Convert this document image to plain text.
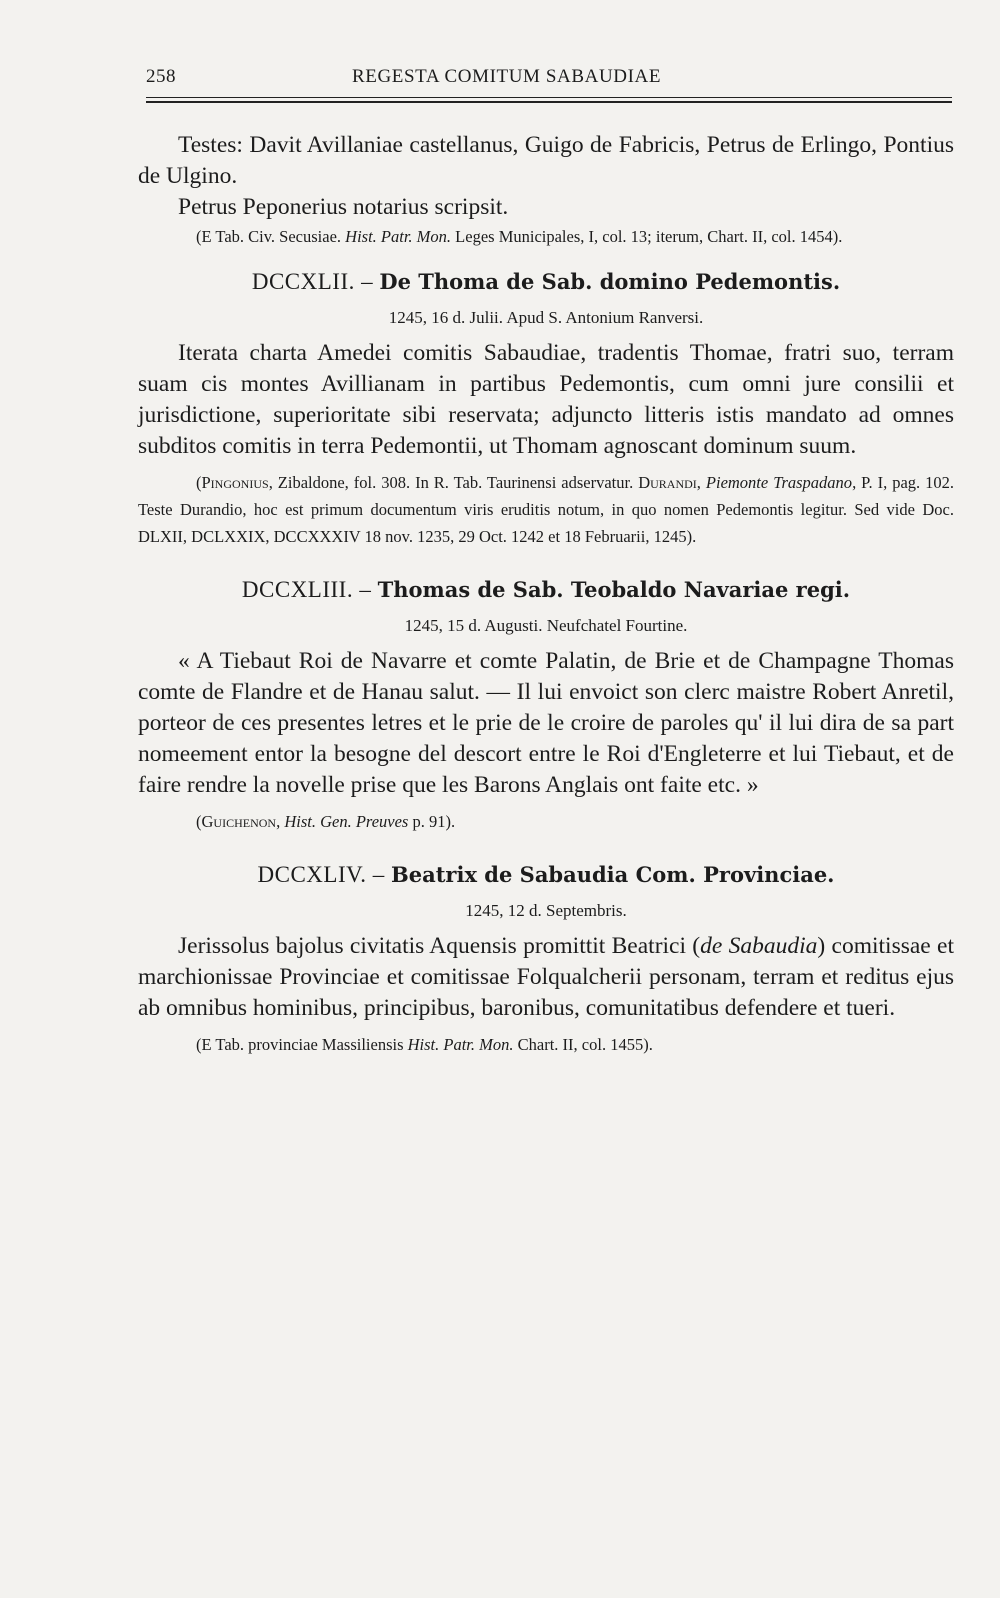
258	REGESTA COMITUM SABAUDIAE

Testes: Davit Avillaniae castellanus, Guigo de Fabricis, Petrus de Erlingo, Pontius de Ulgino.

Petrus Peponerius notarius scripsit.

(E Tab. Civ. Secusiae. Hist. Patr. Mon. Leges Municipales, I, col. 13; iterum, Chart. II, col. 1454).

DCCXLII. – De Thoma de Sab. domino Pedemontis.

1245, 16 d. Julii. Apud S. Antonium Ranversi.

Iterata charta Amedei comitis Sabaudiae, tradentis Thomae, fratri suo, terram suam cis montes Avillianam in partibus Pedemontis, cum omni jure consilii et jurisdictione, superioritate sibi reservata; adjuncto litteris istis mandato ad omnes subditos comitis in terra Pedemontii, ut Thomam agnoscant dominum suum.

(Pingonius, Zibaldone, fol. 308. In R. Tab. Taurinensi adservatur. Durandi, Piemonte Traspadano, P. I, pag. 102. Teste Durandio, hoc est primum documentum viris eruditis notum, in quo nomen Pedemontis legitur. Sed vide Doc. DLXII, DCLXXIX, DCCXXXIV 18 nov. 1235, 29 Oct. 1242 et 18 Februarii, 1245).

DCCXLIII. – Thomas de Sab. Teobaldo Navariae regi.

1245, 15 d. Augusti. Neufchatel Fourtine.

« A Tiebaut Roi de Navarre et comte Palatin, de Brie et de Champagne Thomas comte de Flandre et de Hanau salut. — Il lui envoict son clerc maistre Robert Anretil, porteor de ces presentes letres et le prie de le croire de paroles qu' il lui dira de sa part nomeement entor la besogne del descort entre le Roi d'Engleterre et lui Tiebaut, et de faire rendre la novelle prise que les Barons Anglais ont faite etc. »

(Guichenon, Hist. Gen. Preuves p. 91).

DCCXLIV. – Beatrix de Sabaudia Com. Provinciae.

1245, 12 d. Septembris.

Jerissolus bajolus civitatis Aquensis promittit Beatrici (de Sabaudia) comitissae et marchionissae Provinciae et comitissae Folqualcherii personam, terram et reditus ejus ab omnibus hominibus, principibus, baronibus, comunitatibus defendere et tueri.

(E Tab. provinciae Massiliensis Hist. Patr. Mon. Chart. II, col. 1455).
